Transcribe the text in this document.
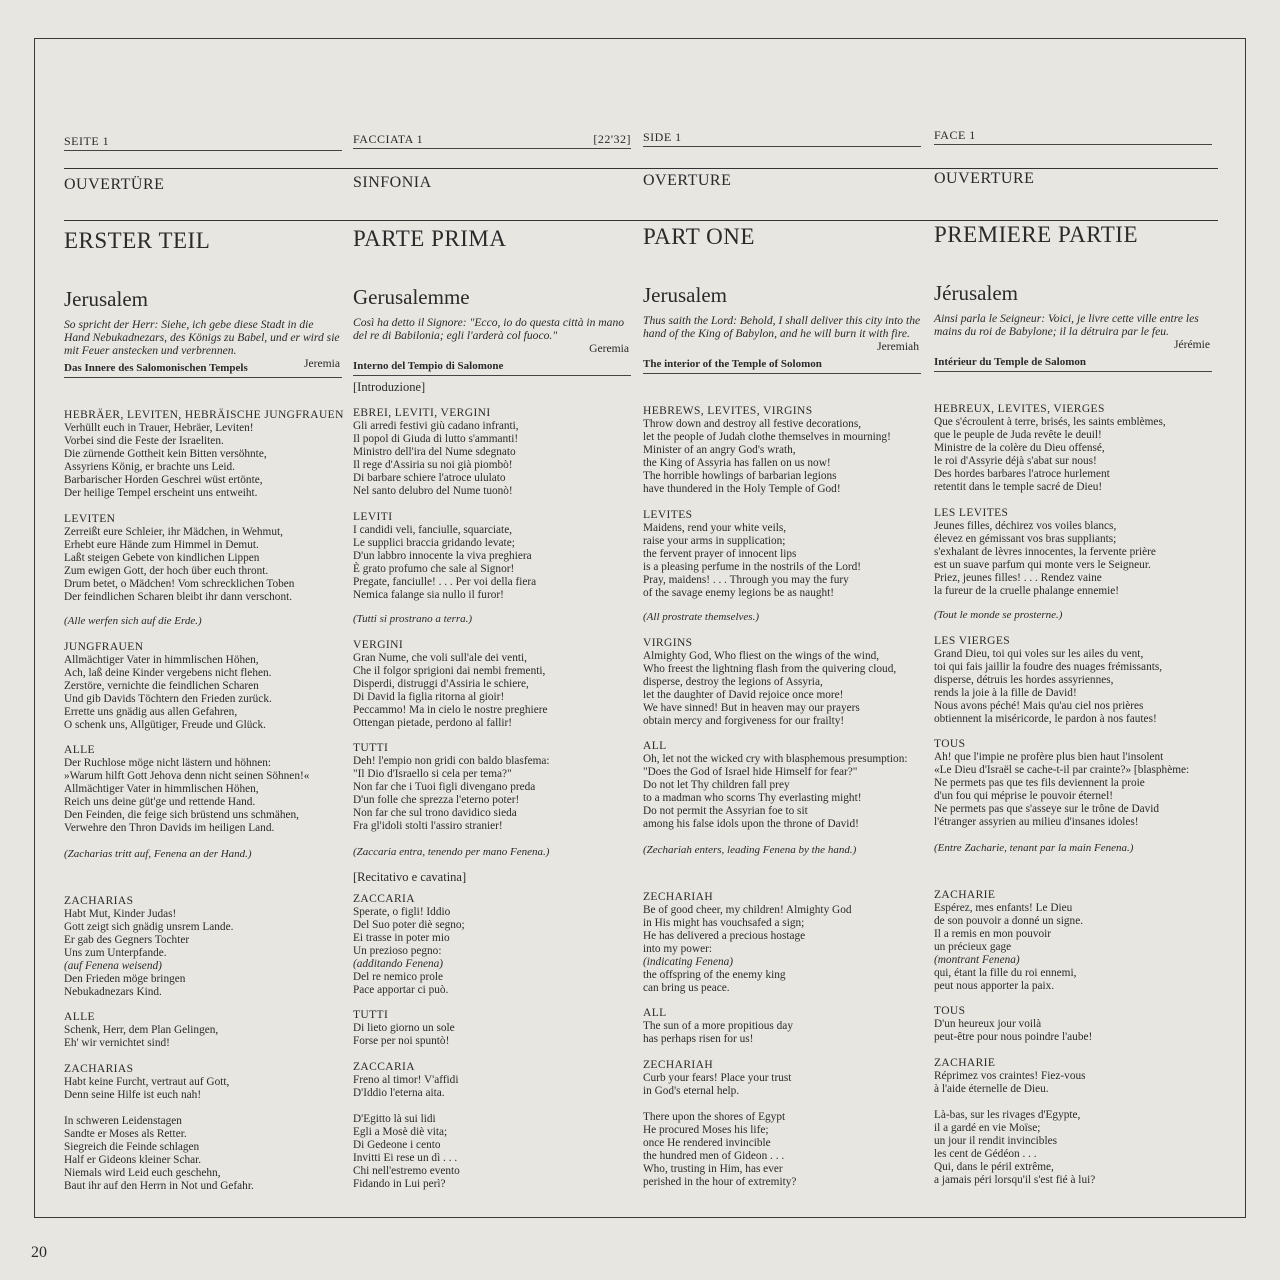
SEITE 1
OUVERTÜRE
ERSTER TEIL
Jerusalem
So spricht der Herr: Siehe, ich gebe diese Stadt in die Hand Nebukadnezars, des Königs zu Babel, und er wird sie mit Feuer anstecken und verbrennen.

Jeremia
Das Innere des Salomonischen Tempels
HEBRÄER, LEVITEN, HEBRÄISCHE JUNGFRAUEN
Verhüllt euch in Trauer, Hebräer, Leviten!
Vorbei sind die Feste der Israeliten.
Die zürnende Gottheit kein Bitten versöhnte,
Assyriens König, er brachte uns Leid.
Barbarischer Horden Geschrei wüst ertönte,
Der heilige Tempel erscheint uns entweiht.
LEVITEN
Zerreißt eure Schleier, ihr Mädchen, in Wehmut,
Erhebt eure Hände zum Himmel in Demut.
Laßt steigen Gebete von kindlichen Lippen
Zum ewigen Gott, der hoch über euch thront.
Drum betet, o Mädchen! Vom schrecklichen Toben
Der feindlichen Scharen bleibt ihr dann verschont.
(Alle werfen sich auf die Erde.)
JUNGFRAUEN
Allmächtiger Vater in himmlischen Höhen,
Ach, laß deine Kinder vergebens nicht flehen.
Zerstöre, vernichte die feindlichen Scharen
Und gib Davids Töchtern den Frieden zurück.
Errette uns gnädig aus allen Gefahren,
O schenk uns, Allgütiger, Freude und Glück.
ALLE
Der Ruchlose möge nicht lästern und höhnen:
»Warum hilft Gott Jehova denn nicht seinen Söhnen!«
Allmächtiger Vater in himmlischen Höhen,
Reich uns deine güt'ge und rettende Hand.
Den Feinden, die feige sich brüstend uns schmähen,
Verwehre den Thron Davids im heiligen Land.
(Zacharias tritt auf, Fenena an der Hand.)
ZACHARIAS
Habt Mut, Kinder Judas!
Gott zeigt sich gnädig unsrem Lande.
Er gab des Gegners Tochter
Uns zum Unterpfande.
(auf Fenena weisend)
Den Frieden möge bringen
Nebukadnezars Kind.
ALLE
Schenk, Herr, dem Plan Gelingen,
Eh' wir vernichtet sind!
ZACHARIAS
Habt keine Furcht, vertraut auf Gott,
Denn seine Hilfe ist euch nah!
In schweren Leidenstagen
Sandte er Moses als Retter.
Siegreich die Feinde schlagen
Half er Gideons kleiner Schar.
Niemals wird Leid euch geschehn,
Baut ihr auf den Herrn in Not und Gefahr.
FACCIATA 1	[22'32]
SINFONIA
PARTE PRIMA
Gerusalemme
Così ha detto il Signore: "Ecco, io do questa città in mano del re di Babilonia; egli l'arderà col fuoco."

Geremia
Interno del Tempio di Salomone
[Introduzione]
EBREI, LEVITI, VERGINI
Gli arredi festivi giù cadano infranti,
Il popol di Giuda di lutto s'ammanti!
Ministro dell'ira del Nume sdegnato
Il rege d'Assiria su noi già piombò!
Di barbare schiere l'atroce ululato
Nel santo delubro del Nume tuonò!
LEVITI
I candidi veli, fanciulle, squarciate,
Le supplici braccia gridando levate;
D'un labbro innocente la viva preghiera
È grato profumo che sale al Signor!
Pregate, fanciulle! . . . Per voi della fiera
Nemica falange sia nullo il furor!
(Tutti si prostrano a terra.)
VERGINI
Gran Nume, che voli sull'ale dei venti,
Che il folgor sprigioni dai nembi frementi,
Disperdi, distruggi d'Assiria le schiere,
Di David la figlia ritorna al gioir!
Peccammo! Ma in cielo le nostre preghiere
Ottengan pietade, perdono al fallir!
TUTTI
Deh! l'empio non gridi con baldo blasfema:
"Il Dio d'Israello si cela per tema?"
Non far che i Tuoi figli divengano preda
D'un folle che sprezza l'eterno poter!
Non far che sul trono davidico sieda
Fra gl'idoli stolti l'assiro stranier!
(Zaccaria entra, tenendo per mano Fenena.)
[Recitativo e cavatina]
ZACCARIA
Sperate, o figli! Iddio
Del Suo poter diè segno;
Ei trasse in poter mio
Un prezioso pegno:
(additando Fenena)
Del re nemico prole
Pace apportar ci può.
TUTTI
Di lieto giorno un sole
Forse per noi spuntò!
ZACCARIA
Freno al timor! V'affidi
D'Iddio l'eterna aita.
D'Egitto là sui lidi
Egli a Mosè diè vita;
Di Gedeone i cento
Invitti Ei rese un dì . . .
Chi nell'estremo evento
Fidando in Lui perì?
SIDE 1
OVERTURE
PART ONE
Jerusalem
Thus saith the Lord: Behold, I shall deliver this city into the hand of the King of Babylon, and he will burn it with fire.

Jeremiah
The interior of the Temple of Solomon
HEBREWS, LEVITES, VIRGINS
Throw down and destroy all festive decorations,
let the people of Judah clothe themselves in mourning!
Minister of an angry God's wrath,
the King of Assyria has fallen on us now!
The horrible howlings of barbarian legions
have thundered in the Holy Temple of God!
LEVITES
Maidens, rend your white veils,
raise your arms in supplication;
the fervent prayer of innocent lips
is a pleasing perfume in the nostrils of the Lord!
Pray, maidens! . . . Through you may the fury
of the savage enemy legions be as naught!
(All prostrate themselves.)
VIRGINS
Almighty God, Who fliest on the wings of the wind,
Who freest the lightning flash from the quivering cloud,
disperse, destroy the legions of Assyria,
let the daughter of David rejoice once more!
We have sinned! But in heaven may our prayers
obtain mercy and forgiveness for our frailty!
ALL
Oh, let not the wicked cry with blasphemous presumption:
"Does the God of Israel hide Himself for fear?"
Do not let Thy children fall prey
to a madman who scorns Thy everlasting might!
Do not permit the Assyrian foe to sit
among his false idols upon the throne of David!
(Zechariah enters, leading Fenena by the hand.)
ZECHARIAH
Be of good cheer, my children! Almighty God
in His might has vouchsafed a sign;
He has delivered a precious hostage
into my power:
(indicating Fenena)
the offspring of the enemy king
can bring us peace.
ALL
The sun of a more propitious day
has perhaps risen for us!
ZECHARIAH
Curb your fears! Place your trust
in God's eternal help.
There upon the shores of Egypt
He procured Moses his life;
once He rendered invincible
the hundred men of Gideon . . .
Who, trusting in Him, has ever
perished in the hour of extremity?
FACE 1
OUVERTURE
PREMIERE PARTIE
Jérusalem
Ainsi parla le Seigneur: Voici, je livre cette ville entre les mains du roi de Babylone; il la détruira par le feu.

Jérémie
Intérieur du Temple de Salomon
HEBREUX, LEVITES, VIERGES
Que s'écroulent à terre, brisés, les saints emblèmes,
que le peuple de Juda revête le deuil!
Ministre de la colère du Dieu offensé,
le roi d'Assyrie déjà s'abat sur nous!
Des hordes barbares l'atroce hurlement
retentit dans le temple sacré de Dieu!
LES LEVITES
Jeunes filles, déchirez vos voiles blancs,
élevez en gémissant vos bras suppliants;
s'exhalant de lèvres innocentes, la fervente prière
est un suave parfum qui monte vers le Seigneur.
Priez, jeunes filles! . . . Rendez vaine
la fureur de la cruelle phalange ennemie!
(Tout le monde se prosterne.)
LES VIERGES
Grand Dieu, toi qui voles sur les ailes du vent,
toi qui fais jaillir la foudre des nuages frémissants,
disperse, détruis les hordes assyriennes,
rends la joie à la fille de David!
Nous avons péché! Mais qu'au ciel nos prières
obtiennent la miséricorde, le pardon à nos fautes!
TOUS
Ah! que l'impie ne profère plus bien haut l'insolent
«Le Dieu d'Israël se cache-t-il par crainte?» [blasphème:
Ne permets pas que tes fils deviennent la proie
d'un fou qui méprise le pouvoir éternel!
Ne permets pas que s'asseye sur le trône de David
l'étranger assyrien au milieu d'insanes idoles!
(Entre Zacharie, tenant par la main Fenena.)
ZACHARIE
Espérez, mes enfants! Le Dieu
de son pouvoir a donné un signe.
Il a remis en mon pouvoir
un précieux gage
(montrant Fenena)
qui, étant la fille du roi ennemi,
peut nous apporter la paix.
TOUS
D'un heureux jour voilà
peut-être pour nous poindre l'aube!
ZACHARIE
Réprimez vos craintes! Fiez-vous
à l'aide éternelle de Dieu.
Là-bas, sur les rivages d'Egypte,
il a gardé en vie Moïse;
un jour il rendit invincibles
les cent de Gédéon . . .
Qui, dans le péril extrême,
a jamais péri lorsqu'il s'est fié à lui?
20
